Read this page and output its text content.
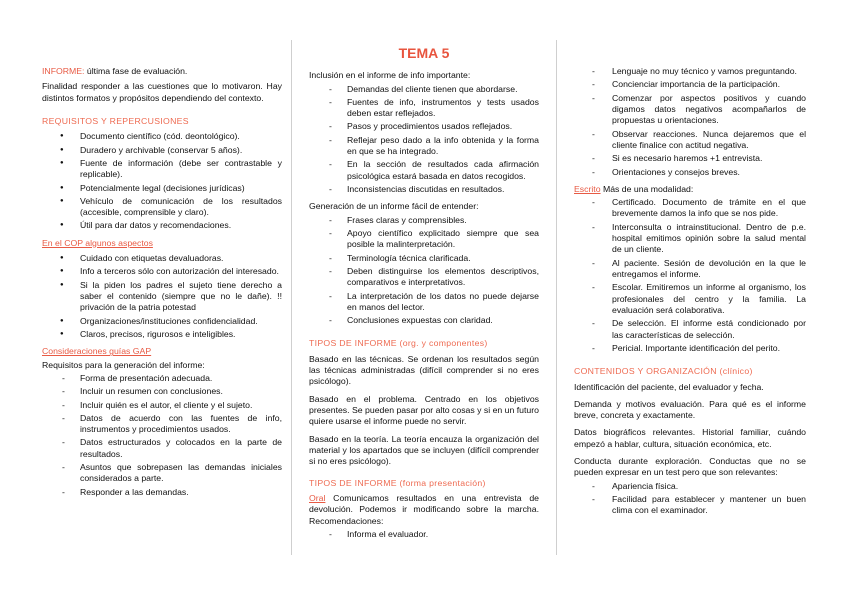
INFORME: última fase de evaluación.

Finalidad responder a las cuestiones que lo motivaron. Hay distintos formatos y propósitos dependiendo del contexto.

REQUISITOS Y REPERCUSIONES
● Documento científico (cód. deontológico).
● Duradero y archivable (conservar 5 años).
● Fuente de información (debe ser contrastable y replicable).
● Potencialmente legal (decisiones jurídicas)
● Vehículo de comunicación de los resultados (accesible, comprensible y claro).
● Útil para dar datos y recomendaciones.
En el COP algunos aspectos
● Cuidado con etiquetas devaluadoras.
● Info a terceros sólo con autorización del interesado.
● Si la piden los padres el sujeto tiene derecho a saber el contenido (siempre que no le dañe). !! privación de la patria potestad
● Organizaciones/instituciones confidencialidad.
● Claros, precisos, rigurosos e inteligibles.
Consideraciones guías GAP

Requisitos para la generación del informe:

- Forma de presentación adecuada.
- Incluir un resumen con conclusiones.
- Incluir quién es el autor, el cliente y el sujeto.
- Datos de acuerdo con las fuentes de info, instrumentos y procedimientos usados.
- Datos estructurados y colocados en la parte de resultados.
- Asuntos que sobrepasen las demandas iniciales considerados a parte.
- Responder a las demandas.
TEMA 5

Inclusión en el informe de info importante:

- Demandas del cliente tienen que abordarse.
- Fuentes de info, instrumentos y tests usados deben estar reflejados.
- Pasos y procedimientos usados reflejados.
- Reflejar peso dado a la info obtenida y la forma en que se ha integrado.
- En la sección de resultados cada afirmación psicológica estará basada en datos recogidos.
- Inconsistencias discutidas en resultados.

Generación de un informe fácil de entender:

- Frases claras y comprensibles.
- Apoyo científico explicitado siempre que sea posible la malinterpretación.
- Terminología técnica clarificada.
- Deben distinguirse los elementos descriptivos, comparativos e interpretativos.
- La interpretación de los datos no puede dejarse en manos del lector.
- Conclusiones expuestas con claridad.
TIPOS DE INFORME (org. y componentes)

Basado en las técnicas. Se ordenan los resultados según las técnicas administradas (difícil comprender si no eres psicólogo).

Basado en el problema. Centrado en los objetivos presentes. Se pueden pasar por alto cosas y si en un futuro quiere usarse el informe puede no servir.

Basado en la teoría. La teoría encauza la organización del material y los apartados que se incluyen (difícil comprender si no eres psicólogo).

TIPOS DE INFORME (forma presentación)

Oral Comunicamos resultados en una entrevista de devolución. Podemos ir modificando sobre la marcha. Recomendaciones:

- Informa el evaluador.
- Lenguaje no muy técnico y vamos preguntando.
- Concienciar importancia de la participación.
- Comenzar por aspectos positivos y cuando digamos datos negativos acompañarlos de propuestas u orientaciones.
- Observar reacciones. Nunca dejaremos que el cliente finalice con actitud negativa.
- Si es necesario haremos +1 entrevista.
- Orientaciones y consejos breves.

Escrito Más de una modalidad:

- Certificado. Documento de trámite en el que brevemente damos la info que se nos pide.
- Interconsulta o intrainstitucional. Dentro de p.e. hospital emitimos opinión sobre la salud mental de un cliente.
- Al paciente. Sesión de devolución en la que le entregamos el informe.
- Escolar. Emitiremos un informe al organismo, los profesionales del centro y la familia. La evaluación será colaborativa.
- De selección. El informe está condicionado por las características de selección.
- Pericial. Importante identificación del perito.
CONTENIDOS Y ORGANIZACIÓN (clínico)

Identificación del paciente, del evaluador y fecha.

Demanda y motivos evaluación. Para qué es el informe breve, concreta y exactamente.

Datos biográficos relevantes. Historial familiar, cuándo empezó a hablar, cultura, situación económica, etc.

Conducta durante exploración. Conductas que no se pueden expresar en un test pero que son relevantes:

- Apariencia física.
- Facilidad para establecer y mantener un buen clima con el examinador.
